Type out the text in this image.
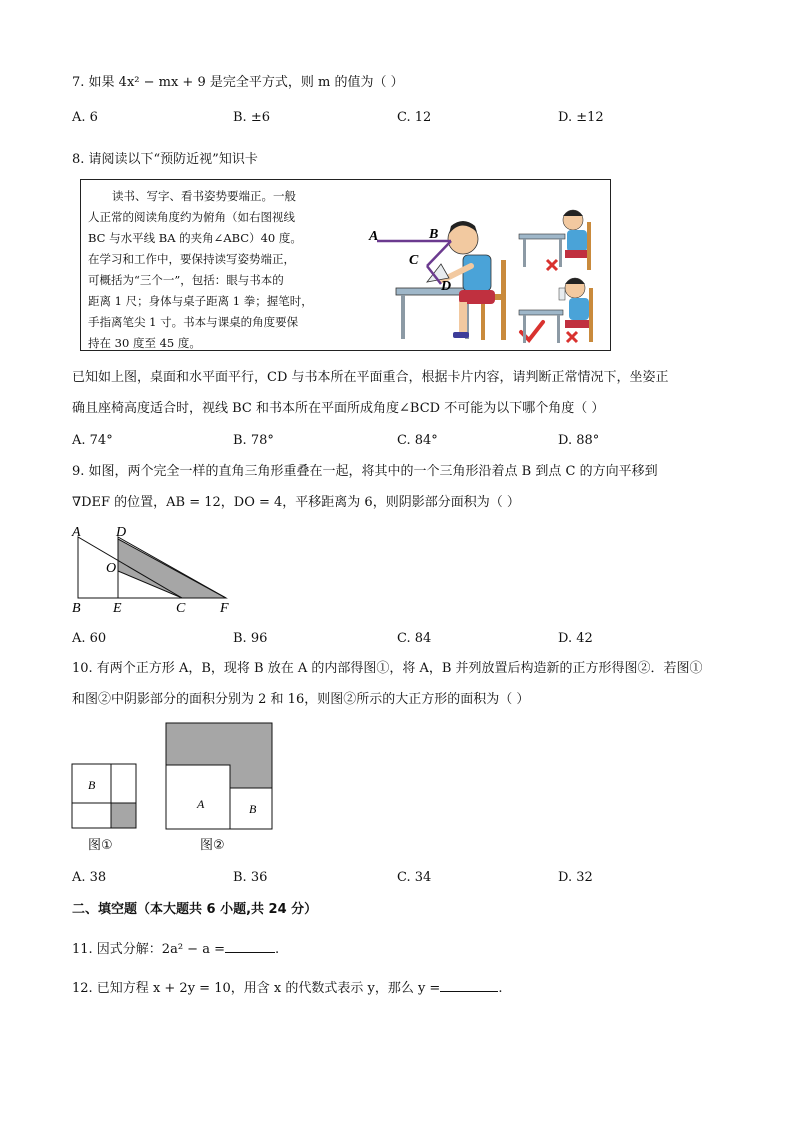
7. 如果 4x² − mx + 9 是完全平方式，则 m 的值为（ ）
A. 6	B. ±6	C. 12	D. ±12
8. 请阅读以下“预防近视”知识卡
读书、写字、看书姿势要端正。一般
人正常的阅读角度约为俯角（如右图视线
BC 与水平线 BA 的夹角∠ABC）40 度。
在学习和工作中，要保持读写姿势端正，
可概括为“三个一”，包括：眼与书本的
距离 1 尺；身体与桌子距离 1 拳；握笔时，
手指离笔尖 1 寸。书本与课桌的角度要保
持在 30 度至 45 度。
A	B
C
D
已知如上图，桌面和水平面平行，CD 与书本所在平面重合，根据卡片内容，请判断正常情况下，坐姿正
确且座椅高度适合时，视线 BC 和书本所在平面所成角度∠BCD 不可能为以下哪个角度（ ）
A. 74°	B. 78°	C. 84°	D. 88°
9. 如图，两个完全一样的直角三角形重叠在一起，将其中的一个三角形沿着点 B 到点 C 的方向平移到
∇DEF 的位置，AB = 12，DO = 4，平移距离为 6，则阴影部分面积为（ ）
A	D
O
B E	C F
A. 60	B. 96	C. 84	D. 42
10. 有两个正方形 A，B，现将 B 放在 A 的内部得图①，将 A，B 并列放置后构造新的正方形得图②．若图①
和图②中阴影部分的面积分别为 2 和 16，则图②所示的大正方形的面积为（ ）
B
图①
A	B
图②
A. 38	B. 36	C. 34	D. 32
二、填空题（本大题共 6 小题,共 24 分）
11. 因式分解：2a² − a =	.
12. 已知方程 x + 2y = 10，用含 x 的代数式表示 y，那么 y =	.
